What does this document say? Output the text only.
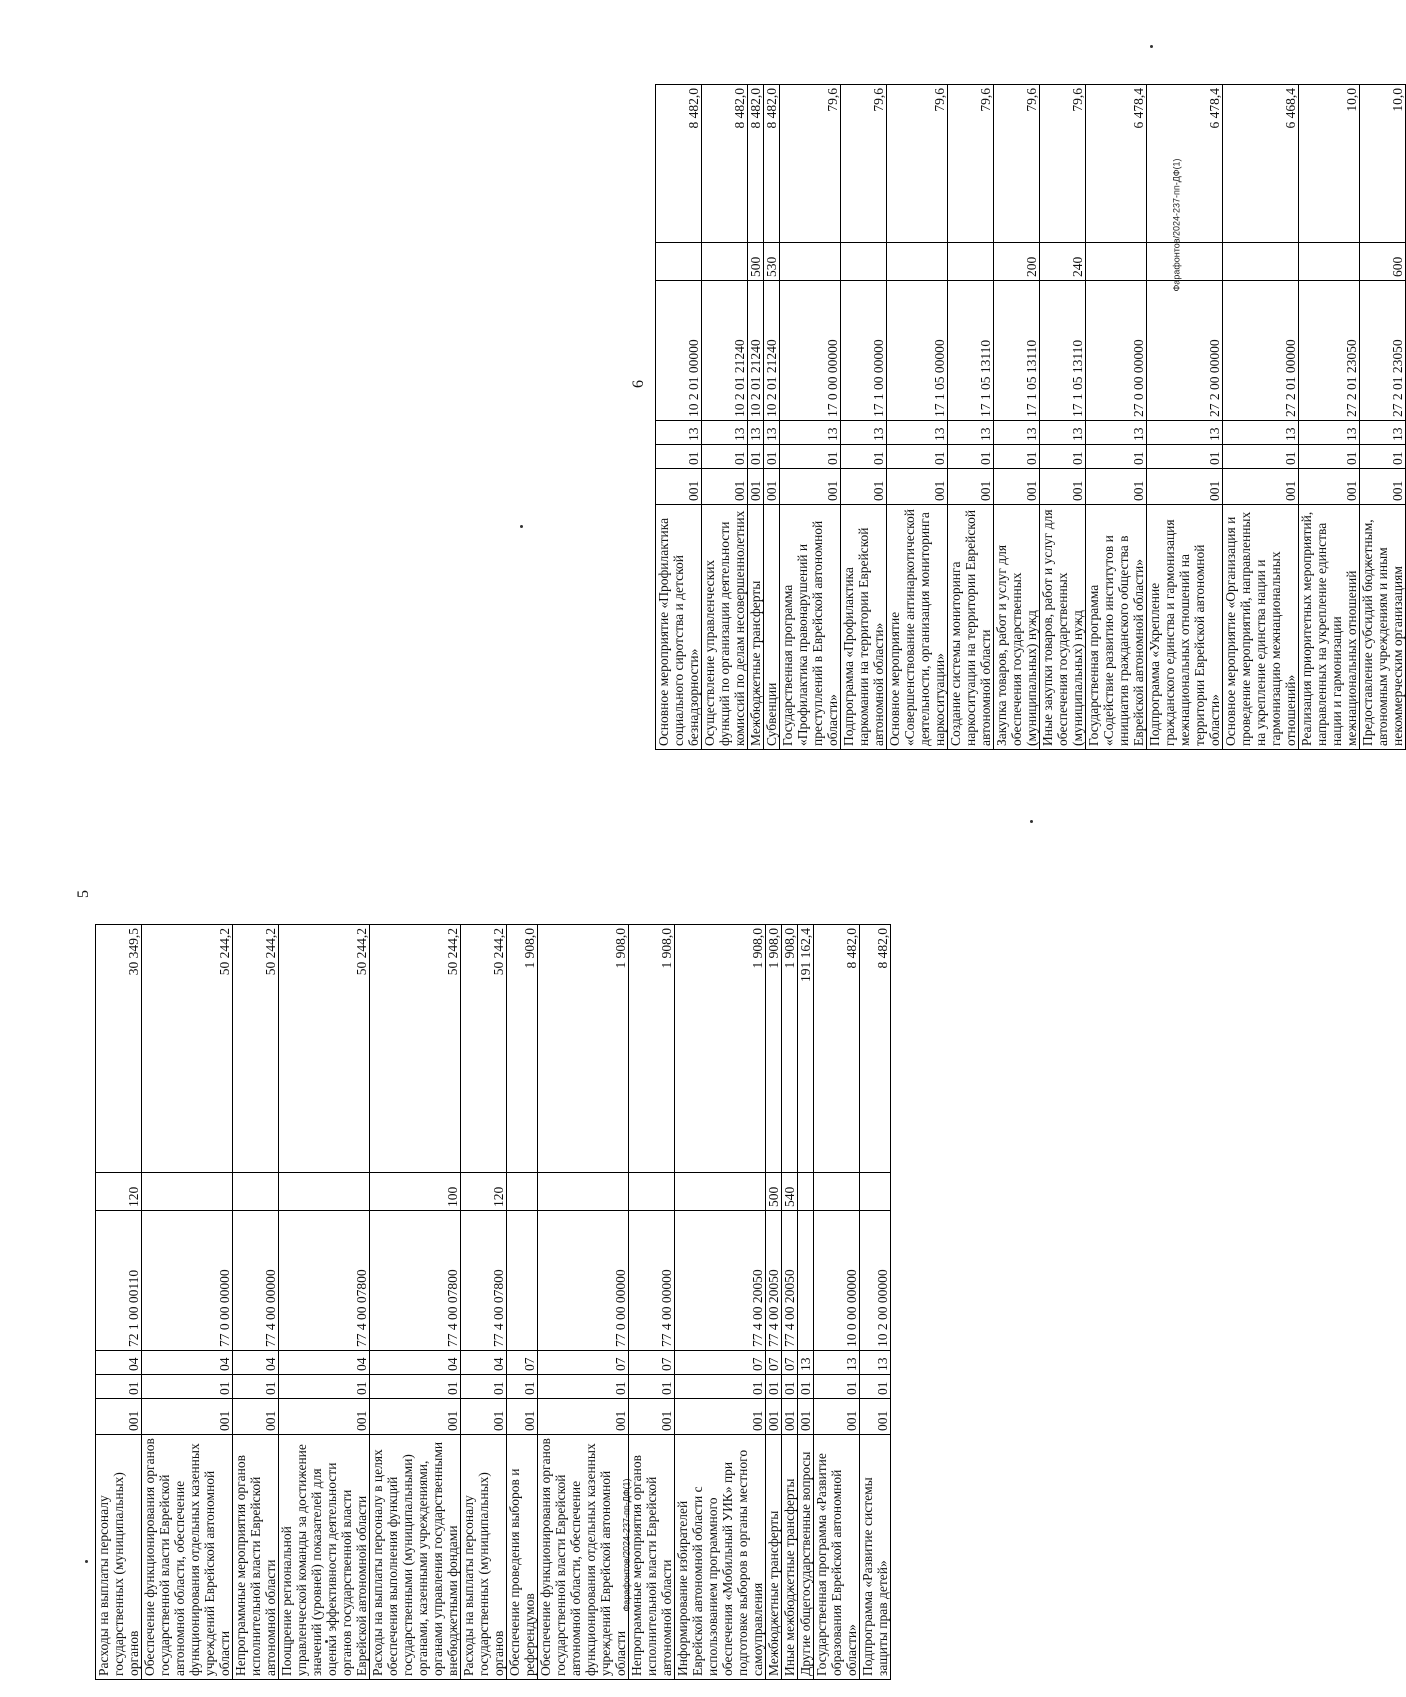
5
6
Фарафонтов/2024-237-пп-ДФ(1)
Фарафонтов/2024-237-пп-ДФ(1)
Расходы на выплаты персоналу государственных (муниципальных) органов	001	01	04	72 1 00 00110	120	30 349,5
Обеспечение функционирования органов государственной власти Еврейской автономной области, обеспечение функционирования отдельных казенных учреждений Еврейской автономной области	001	01	04	77 0 00 00000		50 244,2
Непрограммные мероприятия органов исполнительной власти Еврейской автономной области	001	01	04	77 4 00 00000		50 244,2
Поощрение региональной управленческой команды за достижение значений (уровней) показателей для оценки эффективности деятельности органов государственной власти Еврейской автономной области	001	01	04	77 4 00 07800		50 244,2
Расходы на выплаты персоналу в целях обеспечения выполнения функций государственными (муниципальными) органами, казенными учреждениями, органами управления государственными внебюджетными фондами	001	01	04	77 4 00 07800	100	50 244,2
Расходы на выплаты персоналу государственных (муниципальных) органов	001	01	04	77 4 00 07800	120	50 244,2
Обеспечение проведения выборов и референдумов	001	01	07			1 908,0
Обеспечение функционирования органов государственной власти Еврейской автономной области, обеспечение функционирования отдельных казенных учреждений Еврейской автономной области	001	01	07	77 0 00 00000		1 908,0
Непрограммные мероприятия органов исполнительной власти Еврейской автономной области	001	01	07	77 4 00 00000		1 908,0
Информирование избирателей Еврейской автономной области с использованием программного обеспечения «Мобильный УИК» при подготовке выборов в органы местного самоуправления	001	01	07	77 4 00 20050		1 908,0
Межбюджетные трансферты	001	01	07	77 4 00 20050	500	1 908,0
Иные межбюджетные трансферты	001	01	07	77 4 00 20050	540	1 908,0
Другие общегосударственные вопросы	001	01	13			191 162,4
Государственная программа «Развитие образования Еврейской автономной области»	001	01	13	10 0 00 00000		8 482,0
Подпрограмма «Развитие системы защиты прав детей»	001	01	13	10 2 00 00000		8 482,0
Основное мероприятие «Профилактика социального сиротства и детской безнадзорности»	001	01	13	10 2 01 00000		8 482,0
Осуществление управленческих функций по организации деятельности комиссий по делам несовершеннолетних	001	01	13	10 2 01 21240		8 482,0
Межбюджетные трансферты	001	01	13	10 2 01 21240	500	8 482,0
Субвенции	001	01	13	10 2 01 21240	530	8 482,0
Государственная программа «Профилактика правонарушений и преступлений в Еврейской автономной области»	001	01	13	17 0 00 00000		79,6
Подпрограмма «Профилактика наркомании на территории Еврейской автономной области»	001	01	13	17 1 00 00000		79,6
Основное мероприятие «Совершенствование антинаркотической деятельности, организация мониторинга наркоситуации»	001	01	13	17 1 05 00000		79,6
Создание системы мониторинга наркоситуации на территории Еврейской автономной области	001	01	13	17 1 05 13110		79,6
Закупка товаров, работ и услуг для обеспечения государственных (муниципальных) нужд	001	01	13	17 1 05 13110	200	79,6
Иные закупки товаров, работ и услуг для обеспечения государственных (муниципальных) нужд	001	01	13	17 1 05 13110	240	79,6
Государственная программа «Содействие развитию институтов и инициатив гражданского общества в Еврейской автономной области»	001	01	13	27 0 00 00000		6 478,4
Подпрограмма «Укрепление гражданского единства и гармонизация межнациональных отношений на территории Еврейской автономной области»	001	01	13	27 2 00 00000		6 478,4
Основное мероприятие «Организация и проведение мероприятий, направленных на укрепление единства нации и гармонизацию межнациональных отношений»	001	01	13	27 2 01 00000		6 468,4
Реализация приоритетных мероприятий, направленных на укрепление единства нации и гармонизации межнациональных отношений	001	01	13	27 2 01 23050		10,0
Предоставление субсидий бюджетным, автономным учреждениям и иным некоммерческим организациям	001	01	13	27 2 01 23050	600	10,0
